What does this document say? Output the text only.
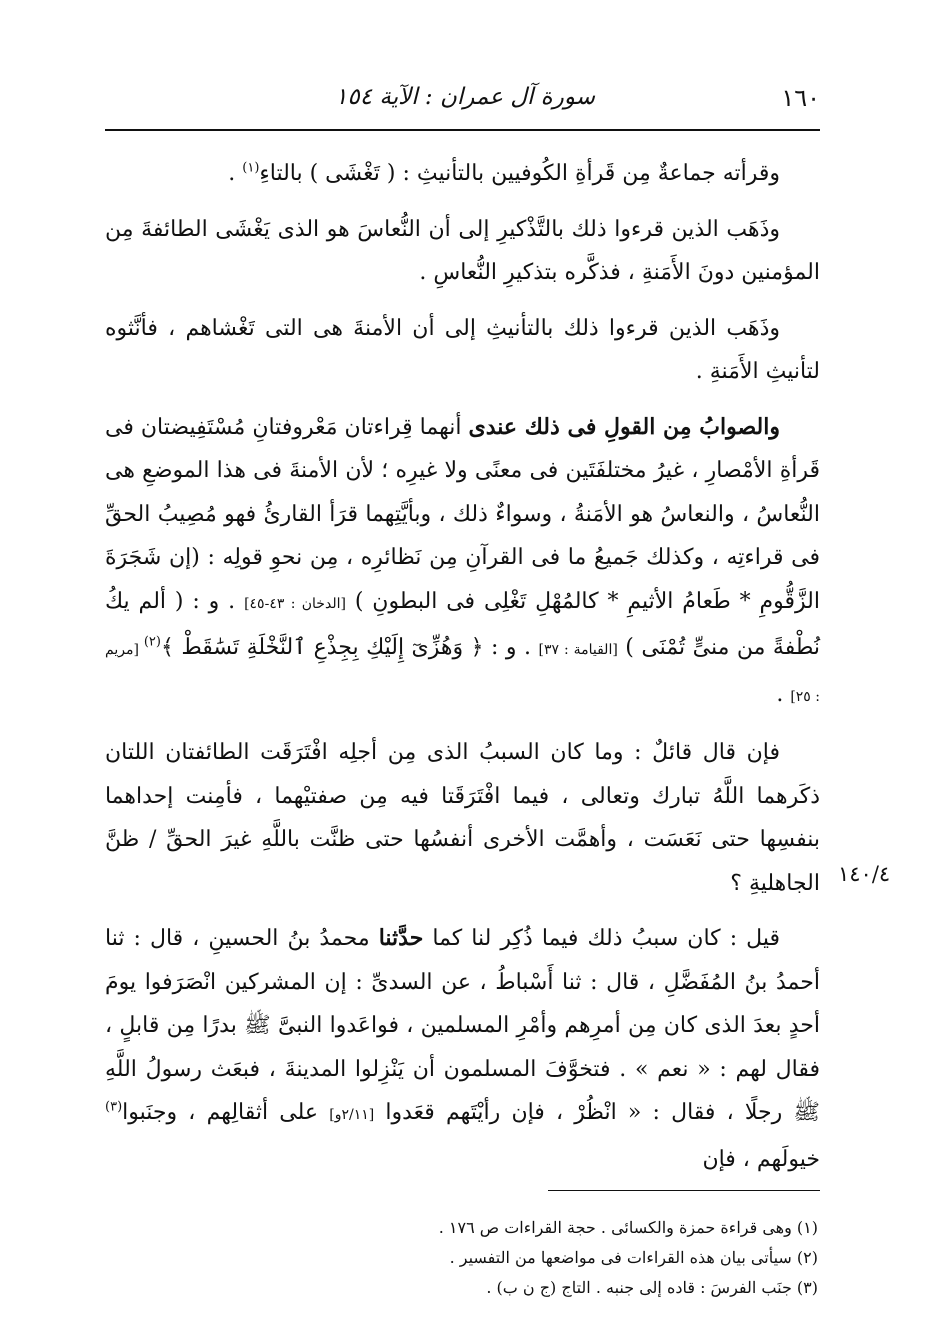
١٦٠
سورة آل عمران : الآية ١٥٤

وقرأته جماعةٌ مِن قَرأةِ الكُوفيين بالتأنيثِ : ( تَغْشَى ) بالتاءِ$^{(١)}$ .

وذَهَب الذين قرءوا ذلك بالتَّذْكيرِ إلى أن النُّعاسَ هو الذى يَغْشَى الطائفةَ مِن المؤمنين دونَ الأَمَنةِ ، فذكَّره بتذكيرِ النُّعاسِ .

وذَهَب الذين قرءوا ذلك بالتأنيثِ إلى أن الأمنةَ هى التى تَغْشاهم ، فأنَّثوه لتأنيثِ الأَمَنةِ .

والصوابُ مِن القولِ فى ذلك عندى أنهما قِراءتان مَعْروفتانِ مُسْتَفِيضتان فى قَرأةِ الأمْصارِ ، غيرُ مختلفَتَين فى معنًى ولا غيرِه ؛ لأن الأمنةَ فى هذا الموضعِ هى النُّعاسُ ، والنعاسُ هو الأمَنةُ ، وسواءٌ ذلك ، وبأيَّتِهما قرَأ القارئُ فهو مُصِيبُ الحقِّ فى قراءتِه ، وكذلك جَميعُ ما فى القرآنِ مِن نَظائرِه ، مِن نحوِ قولِه : (إن شَجَرَةَ الزَّقُّومِ * طَعامُ الأثيمِ * كالمُهْلِ تَغْلِى فى البطونِ ) [الدخان : ٤٣-٤٥] . و : ( ألم يكُ نُطْفةً من منىٍّ تُمْنَى ) [القيامة : ٣٧] . و : ﴿ وَهُزِّىٓ إِلَيْكِ بِجِذْعِ ٱلنَّخْلَةِ تَسَٰقَطْ ﴾$^{(٢)}$ [مريم : ٢٥] .

فإن قال قائلٌ : وما كان السببُ الذى مِن أجلِه افْتَرَقَت الطائفتان اللتان ذكَرهما اللَّهُ تبارك وتعالى ، فيما افْتَرَقَتا فيه مِن صفتيْهما ، فأمِنت إحداهما بنفسِها حتى نَعَسَت ، وأهمَّت الأخرى أنفسُها حتى ظنَّت باللَّهِ غيرَ الحقِّ / ظنَّ الجاهليةِ ؟

قيل : كان سببُ ذلك فيما ذُكِر لنا كما حدَّثنا محمدُ بنُ الحسينِ ، قال : ثنا أحمدُ بنُ المُفَضَّلِ ، قال : ثنا أَسْباطُ ، عن السدىِّ : إن المشركين انْصَرَفوا يومَ أحدٍ بعدَ الذى كان مِن أمرِهم وأمْرِ المسلمين ، فواعَدوا النبىَّ ﷺ بدرًا مِن قابلٍ ، فقال لهم : « نعم » . فتخوَّفَ المسلمون أن يَنْزِلوا المدينةَ ، فبعَث رسولُ اللَّهِ ﷺ رجلًا ، فقال : « انْظُرْ ، فإن رأيْتَهم قعَدوا [٢/١١و] على أثقالِهم ، وجنَبوا$^{(٣)}$ خيولَهم ، فإن

١٤٠/٤

(١) وهى قراءة حمزة والكسائى . حجة القراءات ص ١٧٦ .

(٢) سيأتى بيان هذه القراءات فى مواضعها من التفسير .

(٣) جنَب الفرسَ : قاده إلى جنبه . التاج (ج ن ب) .
